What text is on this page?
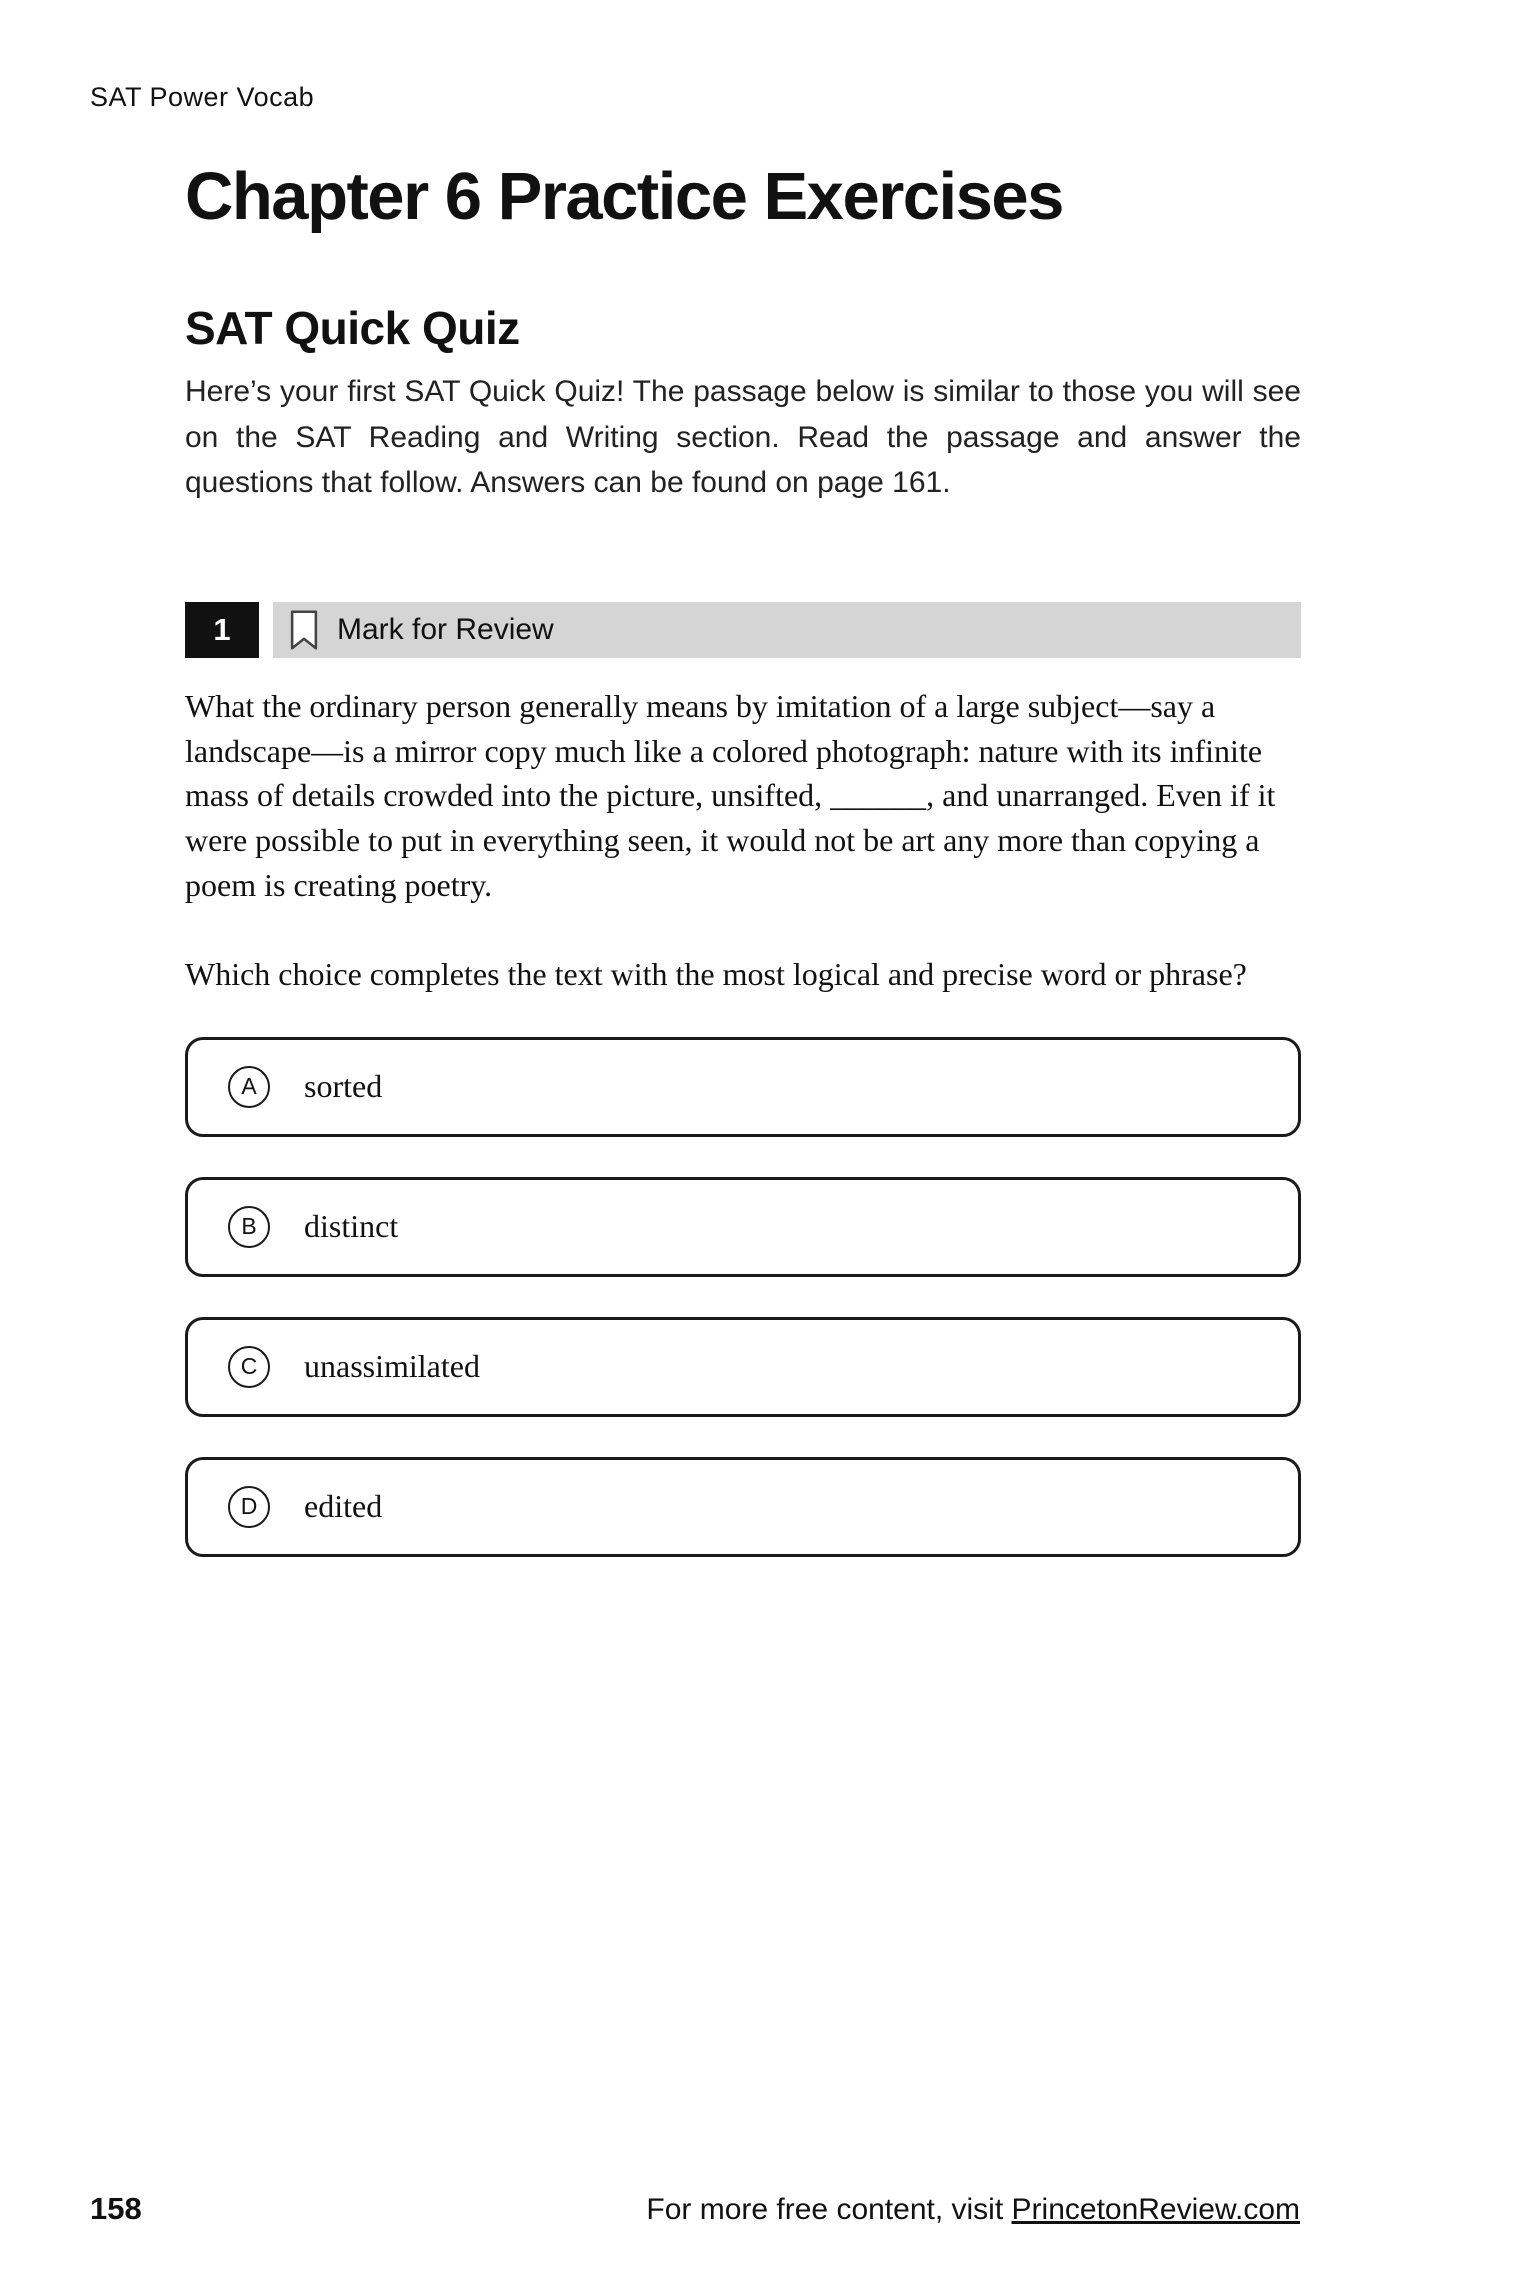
SAT Power Vocab
Chapter 6 Practice Exercises
SAT Quick Quiz

Here’s your first SAT Quick Quiz! The passage below is similar to those you will see on the SAT Reading and Writing section. Read the passage and answer the questions that follow. Answers can be found on page 161.

1	Mark for Review

What the ordinary person generally means by imitation of a large subject—say a landscape—is a mirror copy much like a colored photograph: nature with its infinite mass of details crowded into the picture, unsifted, ______, and unarranged. Even if it were possible to put in everything seen, it would not be art any more than copying a poem is creating poetry.

Which choice completes the text with the most logical and precise word or phrase?

A	sorted
B	distinct
C	unassimilated
D	edited
158	For more free content, visit PrincetonReview.com
